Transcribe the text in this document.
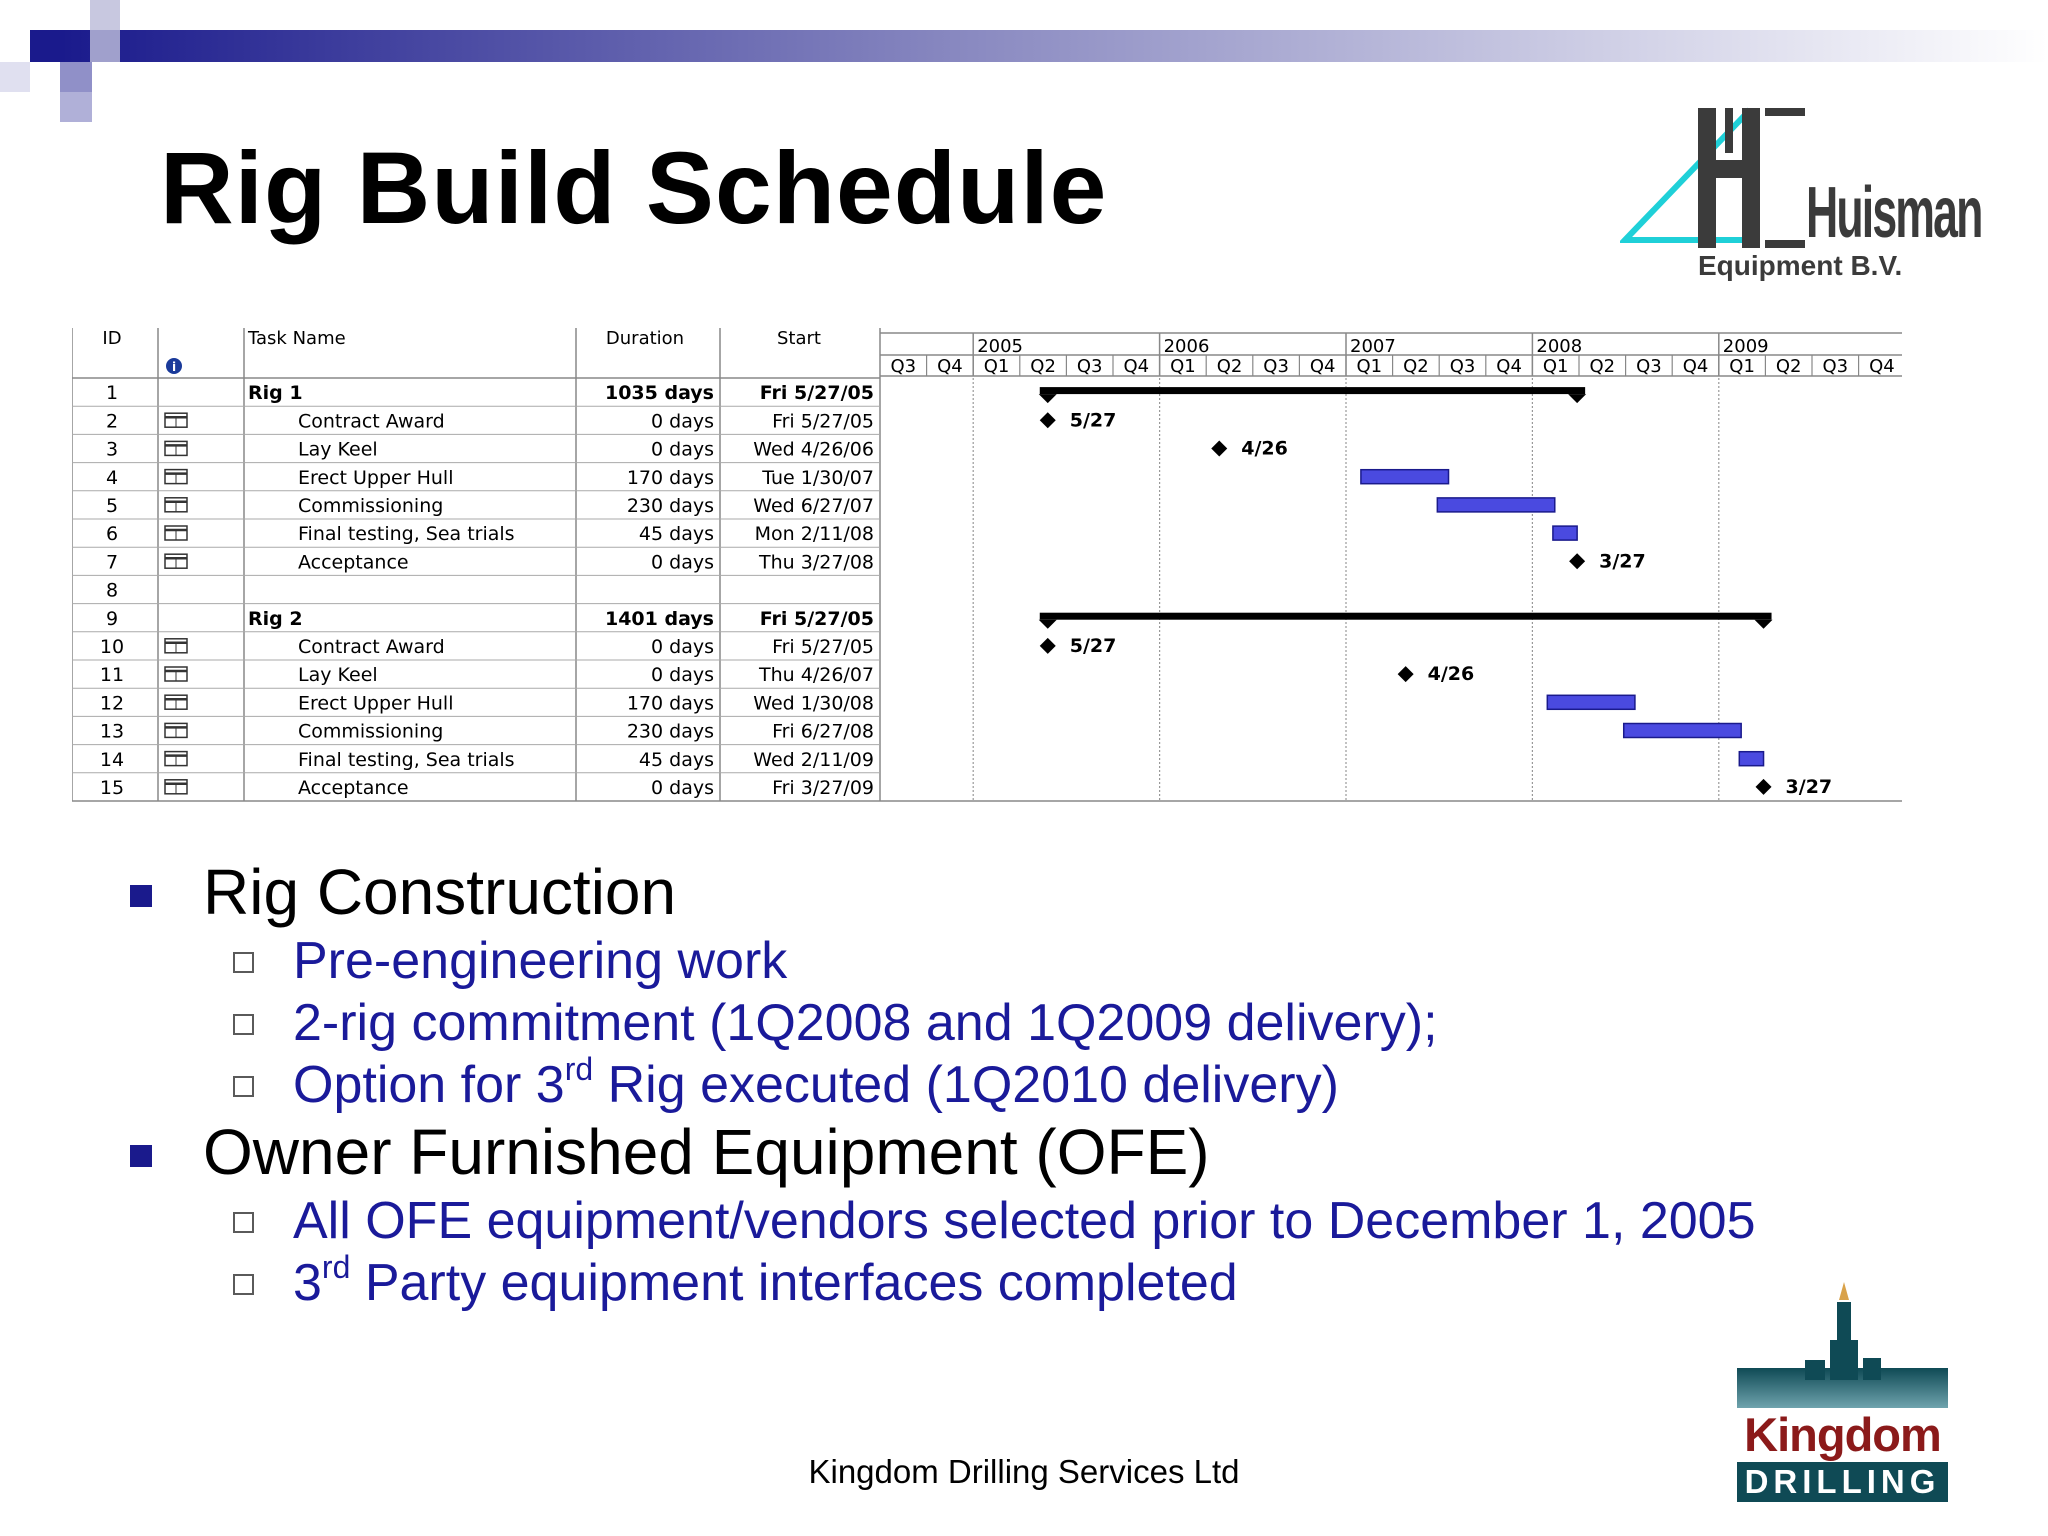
Rig Build Schedule	Huisman
Equipment B.V.
ID
i
Task Name	Duration	Start	2005	2006	2007	2008	2009
Q3 Q4 Q1 Q2 Q3 Q4 Q1 Q2 Q3 Q4 Q1 Q2 Q3 Q4 Q1 Q2 Q3 Q4 Q1 Q2 Q3 Q4
1	Rig 1	1035 days Fri 5/27/05
2	Contract Award	0 days	Fri 5/27/05	5/27
3	Lay Keel	0 days Wed 4/26/06	4/26
4	Erect Upper Hull	170 days	Tue 1/30/07
5	Commissioning	230 days Wed 6/27/07
6	Final testing, Sea trials	45 days Mon 2/11/08
7	Acceptance	0 days Thu 3/27/08	3/27
8
9	Rig 2	1401 days Fri 5/27/05
10	Contract Award	0 days	Fri 5/27/05	5/27
11	Lay Keel	0 days Thu 4/26/07	4/26
12	Erect Upper Hull	170 days Wed 1/30/08
13	Commissioning	230 days	Fri 6/27/08
14	Final testing, Sea trials	45 days Wed 2/11/09
15	Acceptance	0 days	Fri 3/27/09	3/27
Rig Construction
Pre-engineering work
2-rig commitment (1Q2008 and 1Q2009 delivery);
Option for 3rd Rig executed (1Q2010 delivery)
Owner Furnished Equipment (OFE)
All OFE equipment/vendors selected prior to December 1, 2005
3rd Party equipment interfaces completed
Kingdom Drilling Services Ltd
Kingdom
DRILLING
